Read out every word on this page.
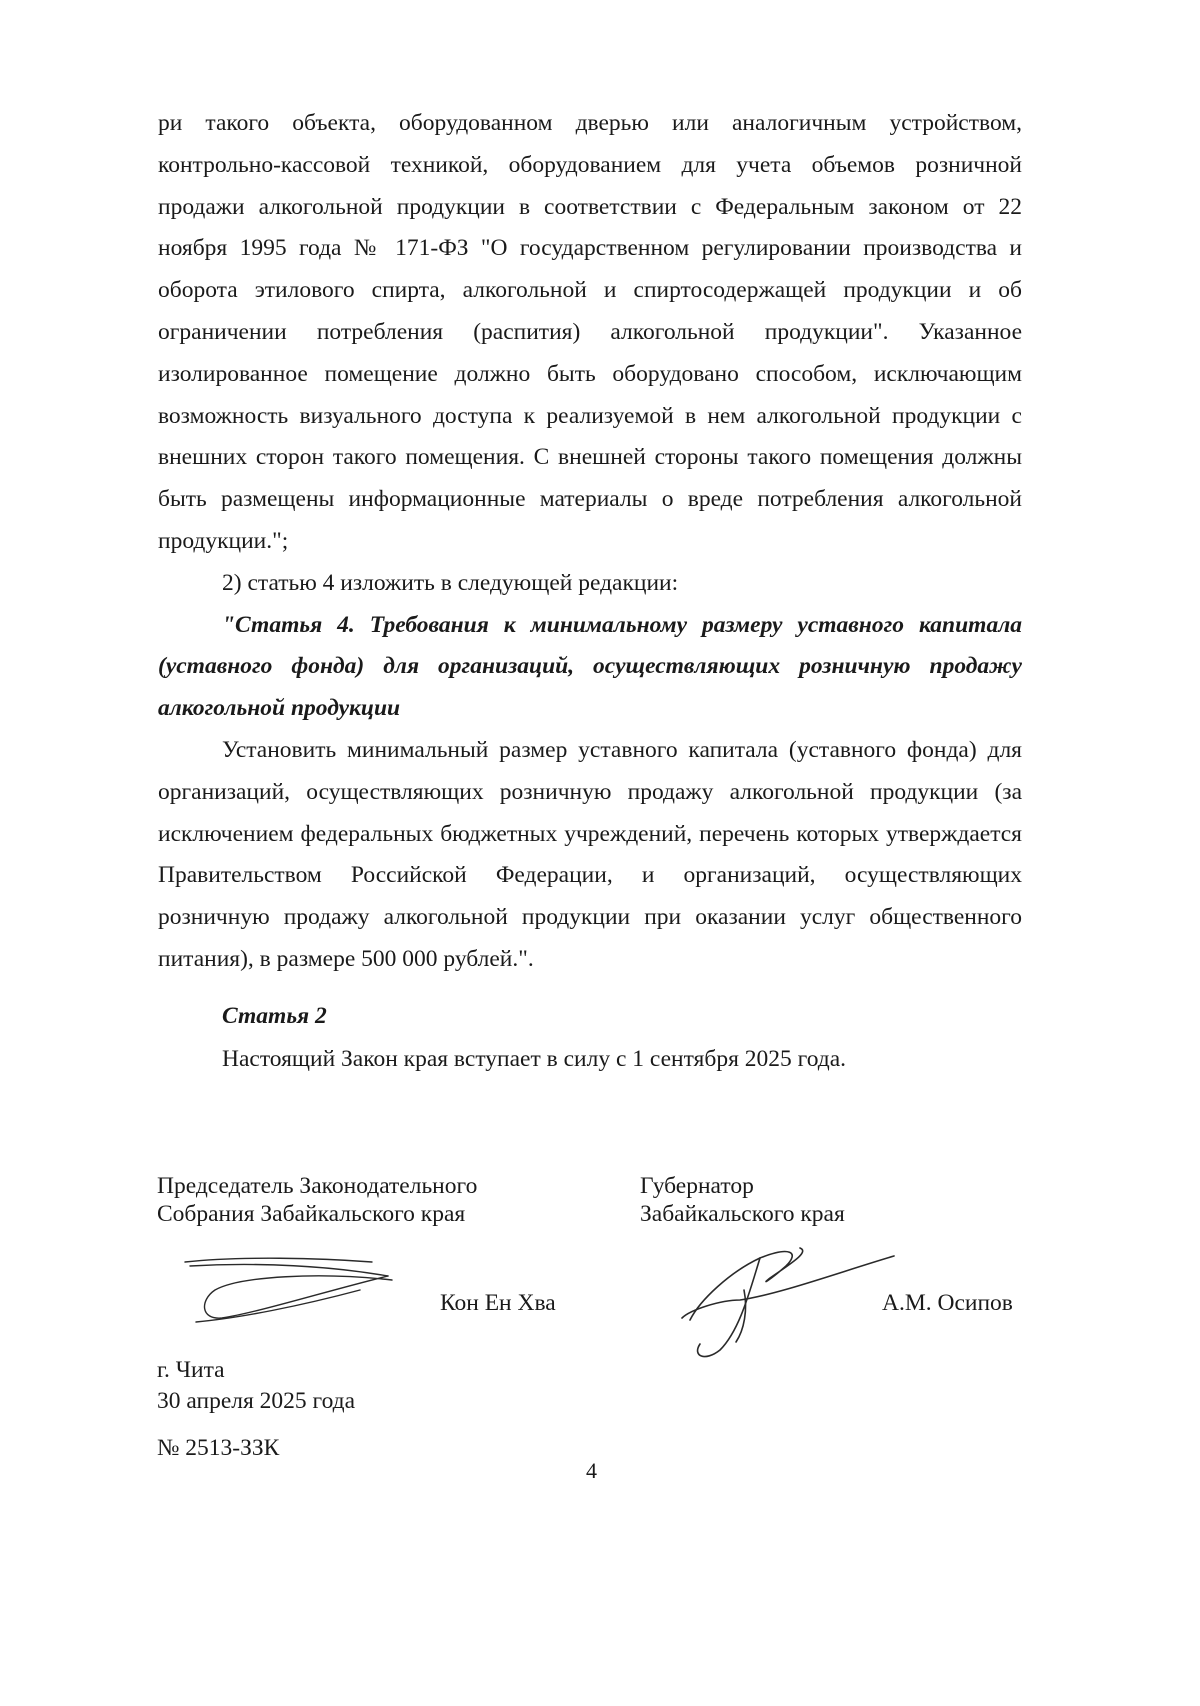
ри такого объекта, оборудованном дверью или аналогичным устройством, контрольно-кассовой техникой, оборудованием для учета объемов розничной продажи алкогольной продукции в соответствии с Федеральным законом от 22 ноября 1995 года № 171-ФЗ "О государственном регулировании производства и оборота этилового спирта, алкогольной и спиртосодержащей продукции и об ограничении потребления (распития) алкогольной продукции". Указанное изолированное помещение должно быть оборудовано способом, исключающим возможность визуального доступа к реализуемой в нем алкогольной продукции с внешних сторон такого помещения. С внешней стороны такого помещения должны быть размещены информационные материалы о вреде потребления алкогольной продукции.";

2) статью 4 изложить в следующей редакции:

"Статья 4. Требования к минимальному размеру уставного капитала (уставного фонда) для организаций, осуществляющих розничную продажу алкогольной продукции

Установить минимальный размер уставного капитала (уставного фонда) для организаций, осуществляющих розничную продажу алкогольной продукции (за исключением федеральных бюджетных учреждений, перечень которых утверждается Правительством Российской Федерации, и организаций, осуществляющих розничную продажу алкогольной продукции при оказании услуг общественного питания), в размере 500 000 рублей.".

Статья 2
Настоящий Закон края вступает в силу с 1 сентября 2025 года.
Председатель Законодательного
Собрания Забайкальского края
Губернатор
Забайкальского края
Кон Ен Хва	А.М. Осипов
г. Чита
30 апреля 2025 года
№ 2513-ЗЗК
4
